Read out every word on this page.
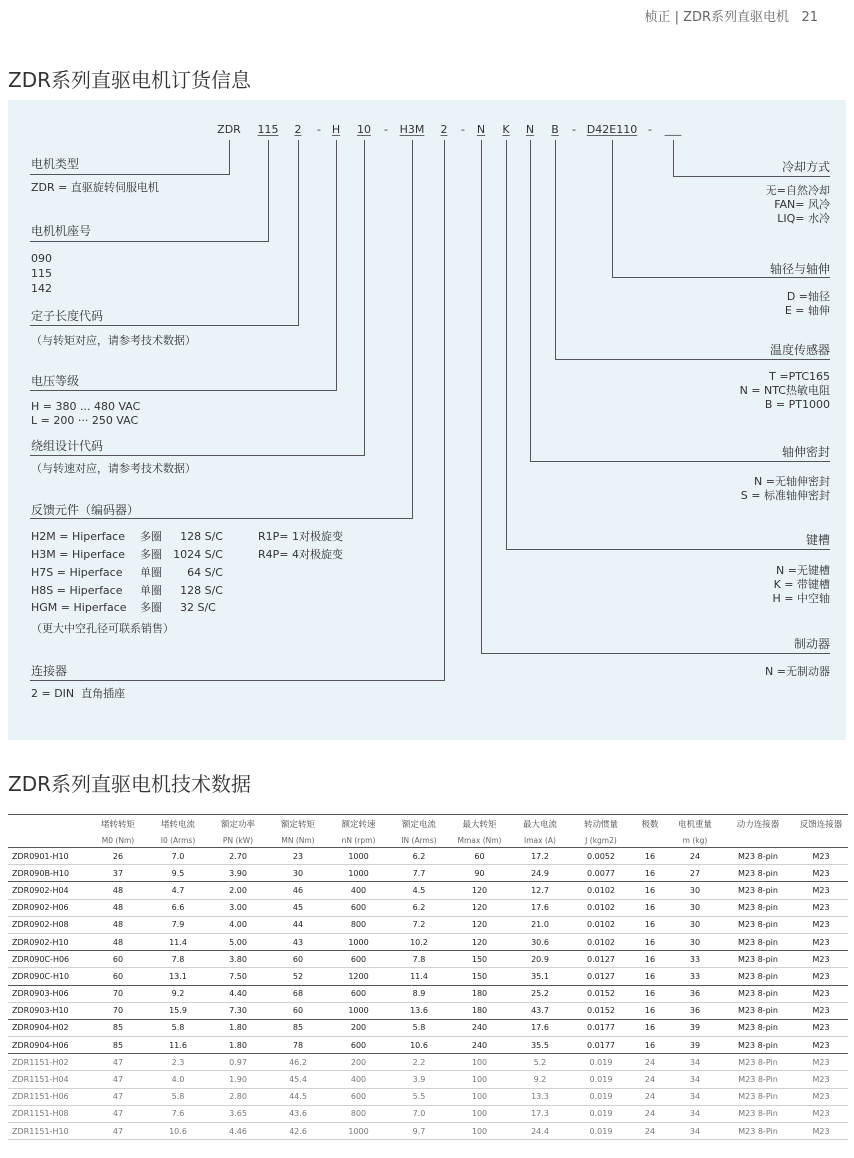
桢正 | ZDR系列直驱电机 21
ZDR系列直驱电机订货信息
ZDR 115 2 - H 10 - H3M 2 - N K N B - D42E110 - ___
电机类型
ZDR = 直驱旋转伺服电机
电机机座号
090
115
142
定子长度代码
（与转矩对应，请参考技术数据）
电压等级
H = 380 ... 480 VAC
L = 200 ··· 250 VAC
绕组设计代码
（与转速对应，请参考技术数据）
反馈元件（编码器）
H2M = Hiperface 多圈	128 S/C
H3M = Hiperface 多圈	1024 S/C
H7S = Hiperface 单圈	64 S/C
H8S = Hiperface 单圈	128 S/C
HGM = Hiperface 多圈 32 S/C
R1P= 1对极旋变
R4P= 4对极旋变
（更大中空孔径可联系销售）
连接器
2 = DIN  直角插座
冷却方式
无=自然冷却
FAN= 风冷
LIQ= 水冷
轴径与轴伸
D =轴径
E = 轴伸
温度传感器
T =PTC165
N = NTC热敏电阻
B = PT1000
轴伸密封
N =无轴伸密封
S = 标准轴伸密封
键槽
N =无键槽
K = 带键槽
H = 中空轴
制动器
N =无制动器
ZDR系列直驱电机技术数据
	堵转转矩	堵转电流	额定功率	额定转矩	额定转速	额定电流	最大转矩	最大电流	转动惯量	极数	电机重量	动力连接器	反馈连接器
	M0 (Nm)	I0 (Arms)	PN (kW)	MN (Nm)	nN (rpm)	IN (Arms)	Mmax (Nm)	Imax (A)	J (kgm2)		m (kg)		
ZDR0901-H10	26	7.0	2.70	23	1000	6.2	60	17.2	0.0052	16	24	M23 8-pin	M23
ZDR090B-H10	37	9.5	3.90	30	1000	7.7	90	24.9	0.0077	16	27	M23 8-pin	M23
ZDR0902-H04	48	4.7	2.00	46	400	4.5	120	12.7	0.0102	16	30	M23 8-pin	M23
ZDR0902-H06	48	6.6	3.00	45	600	6.2	120	17.6	0.0102	16	30	M23 8-pin	M23
ZDR0902-H08	48	7.9	4.00	44	800	7.2	120	21.0	0.0102	16	30	M23 8-pin	M23
ZDR0902-H10	48	11.4	5.00	43	1000	10.2	120	30.6	0.0102	16	30	M23 8-pin	M23
ZDR090C-H06	60	7.8	3.80	60	600	7.8	150	20.9	0.0127	16	33	M23 8-pin	M23
ZDR090C-H10	60	13.1	7.50	52	1200	11.4	150	35.1	0.0127	16	33	M23 8-pin	M23
ZDR0903-H06	70	9.2	4.40	68	600	8.9	180	25.2	0.0152	16	36	M23 8-pin	M23
ZDR0903-H10	70	15.9	7.30	60	1000	13.6	180	43.7	0.0152	16	36	M23 8-pin	M23
ZDR0904-H02	85	5.8	1.80	85	200	5.8	240	17.6	0.0177	16	39	M23 8-pin	M23
ZDR0904-H06	85	11.6	1.80	78	600	10.6	240	35.5	0.0177	16	39	M23 8-pin	M23
ZDR1151-H02	47	2.3	0.97	46.2	200	2.2	100	5.2	0.019	24	34	M23 8-Pin	M23
ZDR1151-H04	47	4.0	1.90	45.4	400	3.9	100	9.2	0.019	24	34	M23 8-Pin	M23
ZDR1151-H06	47	5.8	2.80	44.5	600	5.5	100	13.3	0.019	24	34	M23 8-Pin	M23
ZDR1151-H08	47	7.6	3.65	43.6	800	7.0	100	17.3	0.019	24	34	M23 8-Pin	M23
ZDR1151-H10	47	10.6	4.46	42.6	1000	9.7	100	24.4	0.019	24	34	M23 8-Pin	M23
